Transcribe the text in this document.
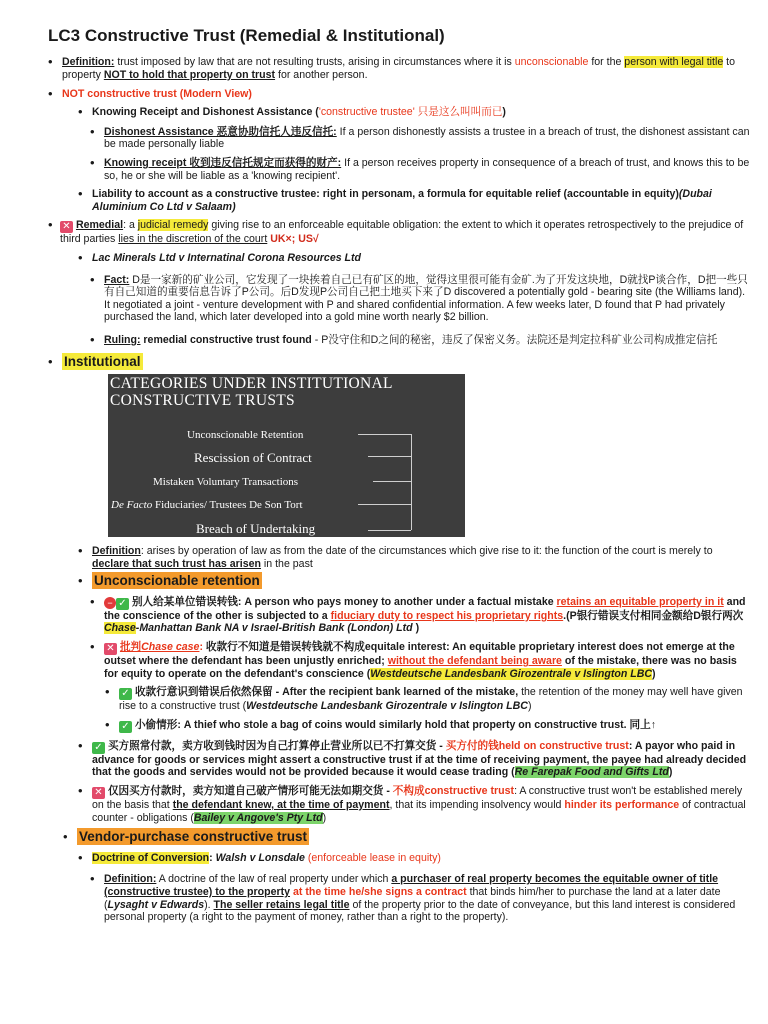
LC3 Constructive Trust (Remedial & Institutional)
• Definition: trust imposed by law that are not resulting trusts, arising in circumstances where it is unconscionable for the person with legal title to property NOT to hold that property on trust for another person.
• NOT constructive trust (Modern View)
• Knowing Receipt and Dishonest Assistance ('constructive trustee' 只是这么叫叫而已)
• Dishonest Assistance 恶意协助信托人违反信托: If a person dishonestly assists a trustee in a breach of trust, the dishonest assistant can be made personally liable
• Knowing receipt 收到违反信托规定而获得的财产: If a person receives property in consequence of a breach of trust, and knows this to be so, he or she will be liable as a 'knowing recipient'.
• Liability to account as a constructive trustee: right in personam, a formula for equitable relief (accountable in equity)(Dubai Aluminium Co Ltd v Salaam)
• ✕ Remedial: a judicial remedy giving rise to an enforceable equitable obligation: the extent to which it operates retrospectively to the prejudice of third parties lies in the discretion of the court UK×; US√
• Lac Minerals Ltd v Internatinal Corona Resources Ltd
• Fact: D是一家新的矿业公司，它发现了一块挨着自己已有矿区的地，觉得这里很可能有金矿.为了开发这块地，D就找P谈合作，D把一些只有自己知道的重要信息告诉了P公司。后D发现P公司自己把土地买下来了D discovered a potentially gold - bearing site (the Williams land). It negotiated a joint - venture development with P and shared confidential information. A few weeks later, D found that P had privately purchased the land, which later developed into a gold mine worth nearly $2 billion.
• Ruling: remedial constructive trust found - P没守住和D之间的秘密，违反了保密义务。法院还是判定拉科矿业公司构成推定信托
• Institutional
CATEGORIES UNDER INSTITUTIONAL CONSTRUCTIVE TRUSTS
Unconscionable Retention
Rescission of Contract
Mistaken Voluntary Transactions
De Facto Fiduciaries/ Trustees De Son Tort
Breach of Undertaking
• Definition: arises by operation of law as from the date of the circumstances which give rise to it: the function of the court is merely to declare that such trust has arisen in the past
• Unconscionable retention
• − ✓ 别人给某单位错误转钱: A person who pays money to another under a factual mistake retains an equitable property in it and the conscience of the other is subjected to a fiduciary duty to respect his proprietary rights.(P银行错误支付相同金额给D银行两次 Chase-Manhattan Bank NA v Israel-British Bank (London) Ltd )
• ✕ 批判Chase case: 收款行不知道是错误转钱就不构成equitale interest: An equitable proprietary interest does not emerge at the outset where the defendant has been unjustly enriched; without the defendant being aware of the mistake, there was no basis for equity to operate on the defendant's conscience (Westdeutsche Landesbank Girozentrale v Islington LBC)
• ✓ 收款行意识到错误后依然保留 - After the recipient bank learned of the mistake, the retention of the money may well have given rise to a constructive trust (Westdeutsche Landesbank Girozentrale v Islington LBC)
• ✓ 小偷情形: A thief who stole a bag of coins would similarly hold that property on constructive trust. 同上↑
• ✓ 买方照常付款，卖方收到钱时因为自己打算停止营业所以已不打算交货 - 买方付的钱held on constructive trust: A payor who paid in advance for goods or services might assert a constructive trust if at the time of receiving payment, the payee had already decided that the goods and servides would not be provided because it would cease trading (Re Farepak Food and Gifts Ltd)
• ✕ 仅因买方付款时，卖方知道自己破产情形可能无法如期交货 - 不构成constructive trust: A constructive trust won't be established merely on the basis that the defendant knew, at the time of payment, that its impending insolvency would hinder its performance of contractual counter - obligations (Bailey v Angove's Pty Ltd)
• Vendor-purchase constructive trust
• Doctrine of Conversion: Walsh v Lonsdale (enforceable lease in equity)
• Definition: A doctrine of the law of real property under which a purchaser of real property becomes the equitable owner of title (constructive trustee) to the property at the time he/she signs a contract that binds him/her to purchase the land at a later date (Lysaght v Edwards). The seller retains legal title of the property prior to the date of conveyance, but this land interest is considered personal property (a right to the payment of money, rather than a right to the property).
